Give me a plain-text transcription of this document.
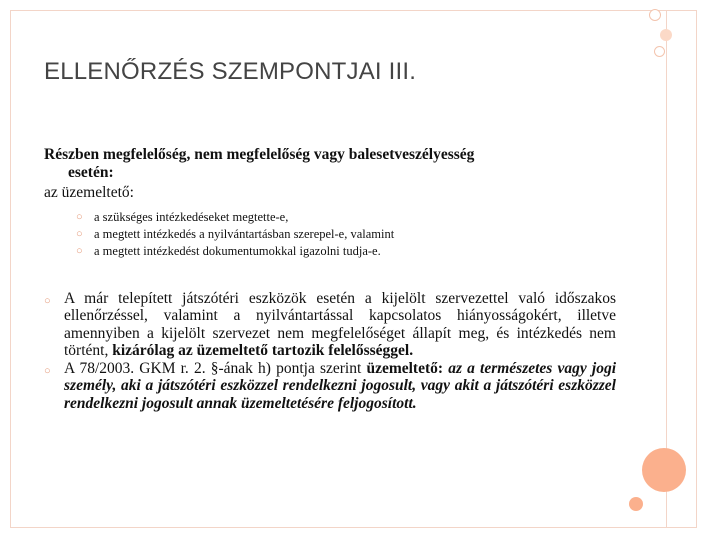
ELLENŐRZÉS SZEMPONTJAI III.
Részben megfelelőség, nem megfelelőség vagy balesetveszélyesség
esetén:
az üzemeltető:
○ a szükséges intézkedéseket megtette-e,
○ a megtett intézkedés a nyilvántartásban szerepel-e, valamint
○ a megtett intézkedést dokumentumokkal igazolni tudja-e.
○ A már telepített játszótéri eszközök esetén a kijelölt szervezettel való időszakos ellenőrzéssel, valamint a nyilvántartással kapcsolatos hiányosságokért, illetve amennyiben a kijelölt szervezet nem megfelelőséget állapít meg, és intézkedés nem történt, kizárólag az üzemeltető tartozik felelősséggel.
○ A 78/2003. GKM r. 2. §-ának h) pontja szerint üzemeltető: az a természetes vagy jogi személy, aki a játszótéri eszközzel rendelkezni jogosult, vagy akit a játszótéri eszközzel rendelkezni jogosult annak üzemeltetésére feljogosított.
